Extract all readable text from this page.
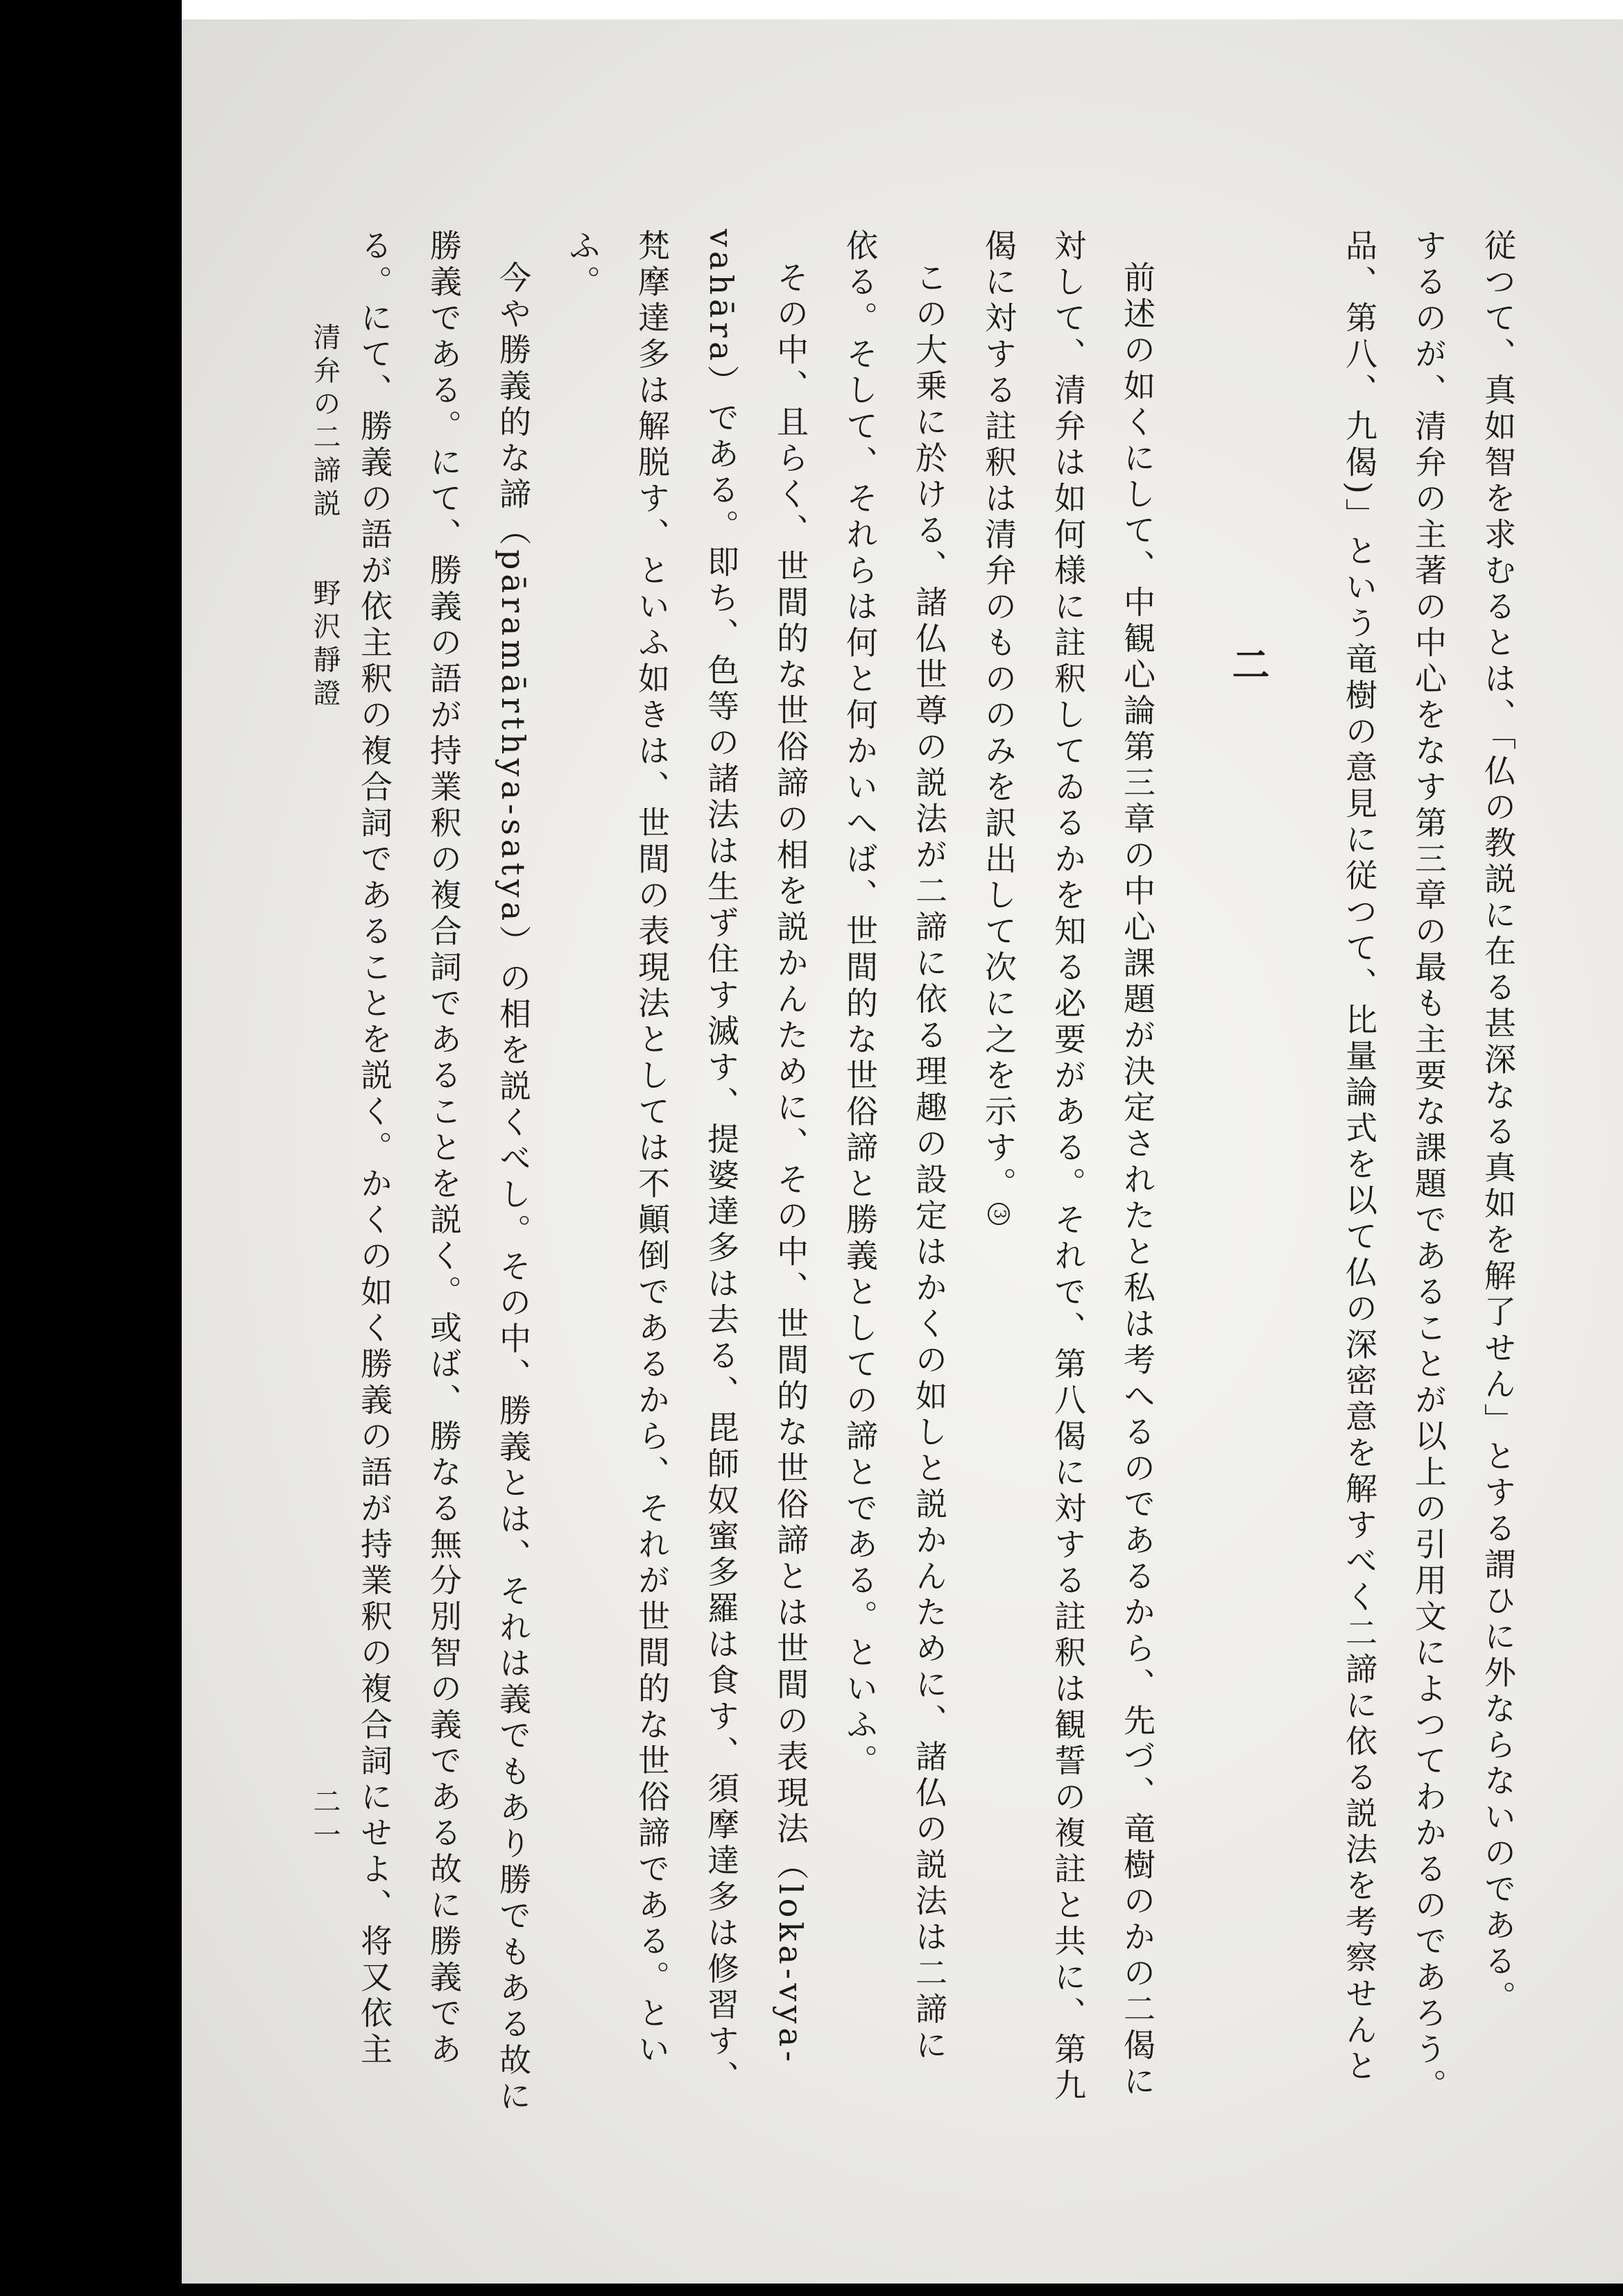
従つて、真如智を求むるとは、「仏の教説に在る甚深なる真如を解了せん」とする謂ひに外ならないのである。
するのが、清弁の主著の中心をなす第三章の最も主要な課題であることが以上の引用文によつてわかるのであろう。
品、第八、九偈)」という竜樹の意見に従つて、比量論式を以て仏の深密意を解すべく二諦に依る説法を考察せんと
二
前述の如くにして、中観心論第三章の中心課題が決定されたと私は考へるのであるから、先づ、竜樹のかの二偈に
対して、清弁は如何様に註釈してゐるかを知る必要がある。それで、第八偈に対する註釈は観誓の複註と共に、第九
偈に対する註釈は清弁のもののみを訳出して次に之を示す。3
この大乗に於ける、諸仏世尊の説法が二諦に依る理趣の設定はかくの如しと説かんために、諸仏の説法は二諦に
依る。そして、それらは何と何かいへば、世間的な世俗諦と勝義としての諦とである。といふ。
その中、且らく、世間的な世俗諦の相を説かんために、その中、世間的な世俗諦とは世間の表現法（loka-vya-
vahāra）である。即ち、色等の諸法は生ず住す滅す、提婆達多は去る、毘師奴蜜多羅は食す、須摩達多は修習す、
梵摩達多は解脱す、といふ如きは、世間の表現法としては不顚倒であるから、それが世間的な世俗諦である。とい
ふ。
今や勝義的な諦（pāramārthya-satya）の相を説くべし。その中、勝義とは、それは義でもあり勝でもある故に
勝義である。にて、勝義の語が持業釈の複合詞であることを説く。或ば、勝なる無分別智の義である故に勝義であ
る。にて、勝義の語が依主釈の複合詞であることを説く。かくの如く勝義の語が持業釈の複合詞にせよ、将又依主
清弁の二諦説 野沢靜證 二一
